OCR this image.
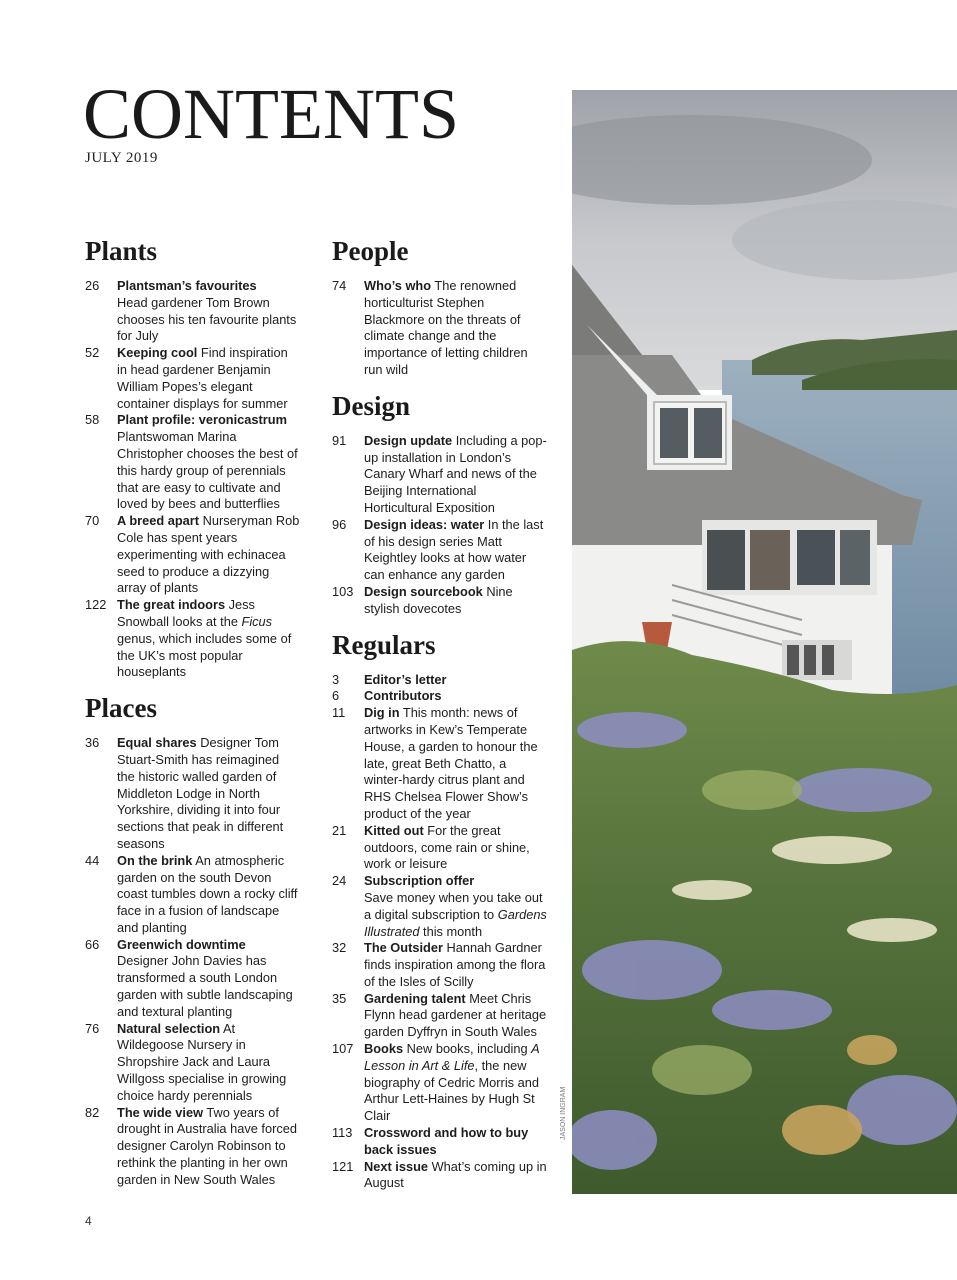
CONTENTS
JULY 2019
Plants
26	Plantsman’s favourites
Head gardener Tom Brown chooses his ten favourite plants for July
52	Keeping cool Find inspiration in head gardener Benjamin William Popes’s elegant container displays for summer
58	Plant profile: veronicastrum
Plantswoman Marina Christopher chooses the best of this hardy group of perennials that are easy to cultivate and loved by bees and butterflies
70	A breed apart Nurseryman Rob Cole has spent years experimenting with echinacea seed to produce a dizzying array of plants
122 The great indoors Jess Snowball looks at the Ficus genus, which includes some of the UK’s most popular houseplants
Places
36	Equal shares Designer Tom Stuart-Smith has reimagined the historic walled garden of Middleton Lodge in North Yorkshire, dividing it into four sections that peak in different seasons
44	On the brink An atmospheric garden on the south Devon coast tumbles down a rocky cliff face in a fusion of landscape and planting
66	Greenwich downtime
Designer John Davies has transformed a south London garden with subtle landscaping and textural planting
76	Natural selection At Wildegoose Nursery in Shropshire Jack and Laura Willgoss specialise in growing choice hardy perennials
82	The wide view Two years of drought in Australia have forced designer Carolyn Robinson to rethink the planting in her own garden in New South Wales
People
74	Who’s who The renowned horticulturist Stephen Blackmore on the threats of climate change and the importance of letting children run wild
Design
91	Design update Including a pop-up installation in London’s Canary Wharf and news of the Beijing International Horticultural Exposition
96	Design ideas: water In the last of his design series Matt Keightley looks at how water can enhance any garden
103 Design sourcebook Nine stylish dovecotes
Regulars
3	Editor’s letter
6	Contributors
11	Dig in This month: news of artworks in Kew’s Temperate House, a garden to honour the late, great Beth Chatto, a winter-hardy citrus plant and RHS Chelsea Flower Show’s product of the year
21	Kitted out For the great outdoors, come rain or shine, work or leisure
24	Subscription offer
Save money when you take out a digital subscription to Gardens Illustrated this month
32	The Outsider Hannah Gardner finds inspiration among the flora of the Isles of Scilly
35	Gardening talent Meet Chris Flynn head gardener at heritage garden Dyffryn in South Wales
107 Books New books, including A Lesson in Art & Life, the new biography of Cedric Morris and Arthur Lett-Haines by Hugh St Clair
113 Crossword and how to buy back issues
121 Next issue What’s coming up in August
JASON INGRAM
4
